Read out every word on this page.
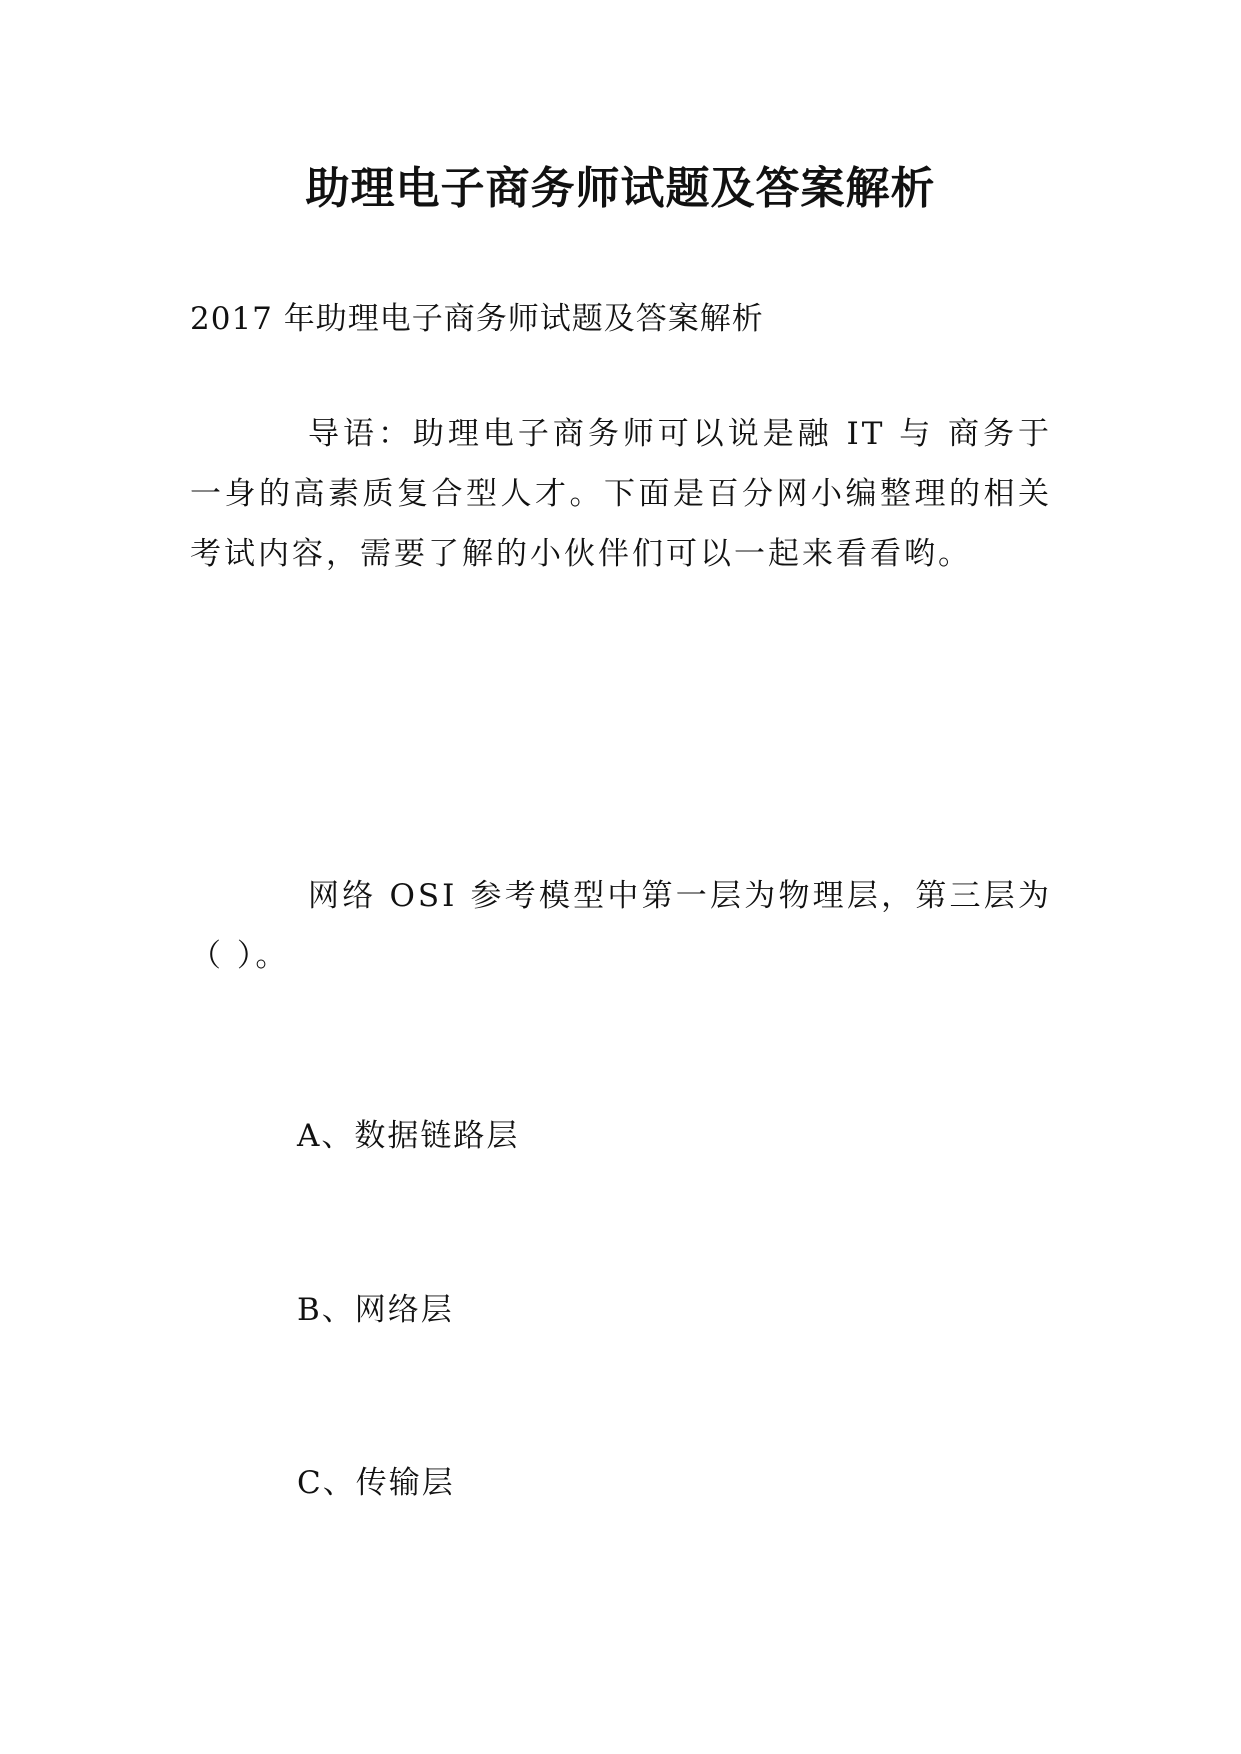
助理电子商务师试题及答案解析
2017 年助理电子商务师试题及答案解析

导语：助理电子商务师可以说是融 IT 与 商务于一身的高素质复合型人才。下面是百分网小编整理的相关考试内容，需要了解的小伙伴们可以一起来看看哟。

网络 OSI 参考模型中第一层为物理层，第三层为（ ）。

A、数据链路层
B、网络层
C、传输层
